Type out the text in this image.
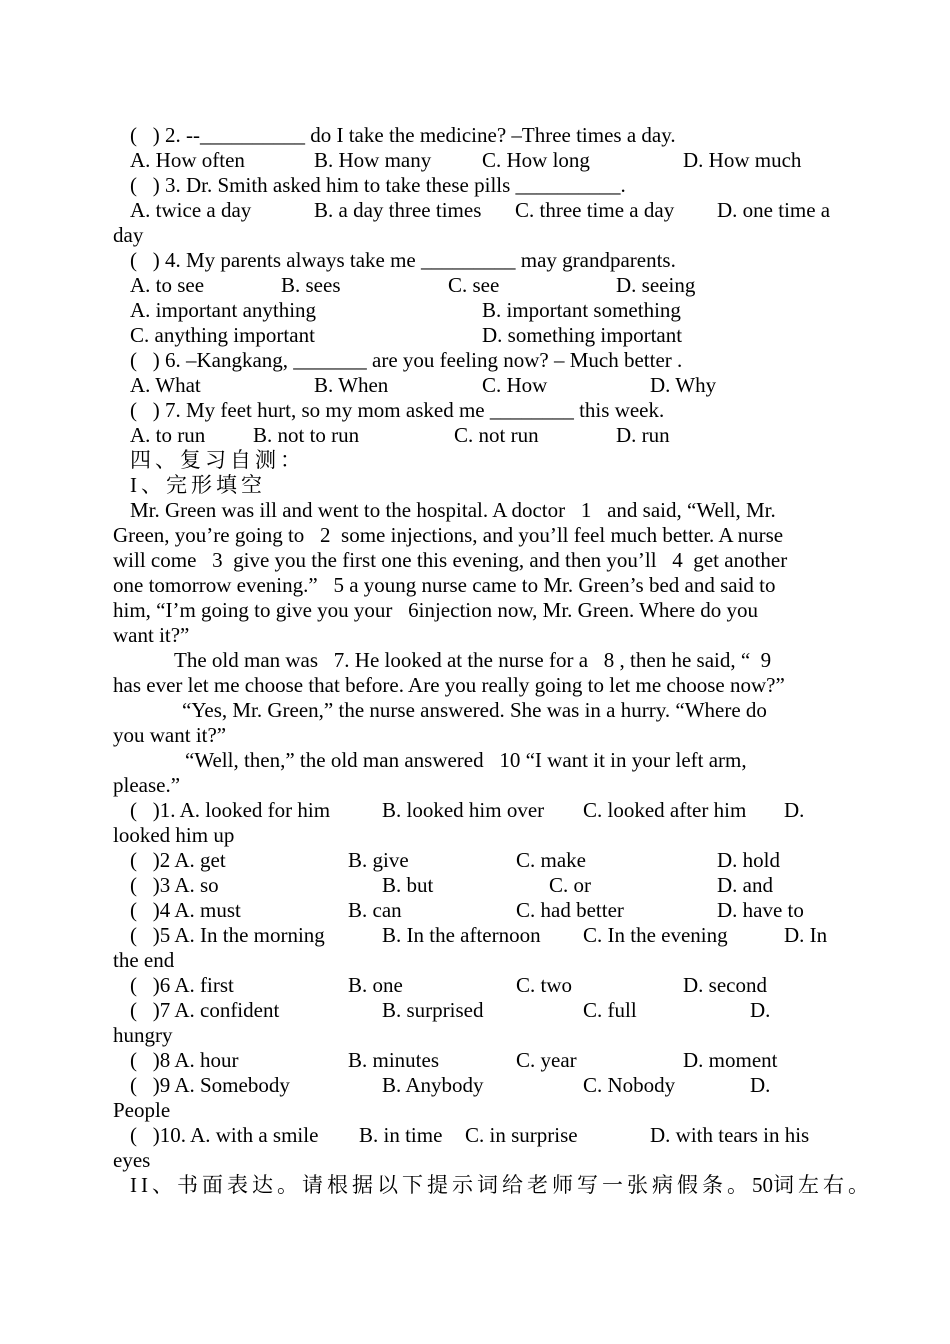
(   ) 2. --__________ do I take the medicine? –Three times a day.

A. How often

	B. How many

C. How long

	D. How much

(   ) 3. Dr. Smith asked him to take these pills __________.

A. twice a day

	B. a day three times

C. three time a day

D. one time a

day
(   ) 4. My parents always take me _________ may grandparents.

A. to see

	B. sees

	C. see

	D. seeing

A. important anything

	B. important something

C. anything important

	D. something important

(   ) 6. –Kangkang, _______ are you feeling now? – Much better .

A. What

	B. When

	C. How

	D. Why

(   ) 7. My feet hurt, so my mom asked me ________ this week.

A. to run

B. not to run

	C. not run

	D. run

四、复习自测：
I、完形填空
Mr. Green was ill and went to the hospital. A doctor   1   and said, “Well, Mr.
Green, you’re going to   2  some injections, and you’ll feel much better. A nurse
will come   3  give you the first one this evening, and then you’ll   4  get another
one tomorrow evening.”   5 a young nurse came to Mr. Green’s bed and said to
him, “I’m going to give you your   6injection now, Mr. Green. Where do you
want it?”
The old man was   7. He looked at the nurse for a   8 , then he said, “  9
has ever let me choose that before. Are you really going to let me choose now?”
“Yes, Mr. Green,” the nurse answered. She was in a hurry. “Where do
you want it?”
“Well, then,” the old man answered   10 “I want it in your left arm,
please.”

(   )1. A. looked for him

B. looked him over

C. looked after him

D.

looked him up

(   )2 A. get

	B. give

	C. make

	D. hold

(   )3 A. so

	B. but

	C. or

	D. and

(   )4 A. must

	B. can

	C. had better

	D. have to

(   )5 A. In the morning

	B. In the afternoon

C. In the evening

	D. In

the end

(   )6 A. first

	B. one

	C. two

	D. second

(   )7 A. confident

	B. surprised

	C. full

	D.

hungry

(   )8 A. hour

	B. minutes

	C. year

	D. moment

(   )9 A. Somebody

	B. Anybody

	C. Nobody

	D.

People

(   )10. A. with a smile

B. in time

C. in surprise

	D. with tears in his

eyes
II、书面表达。请根据以下提示词给老师写一张病假条。50词左右。
